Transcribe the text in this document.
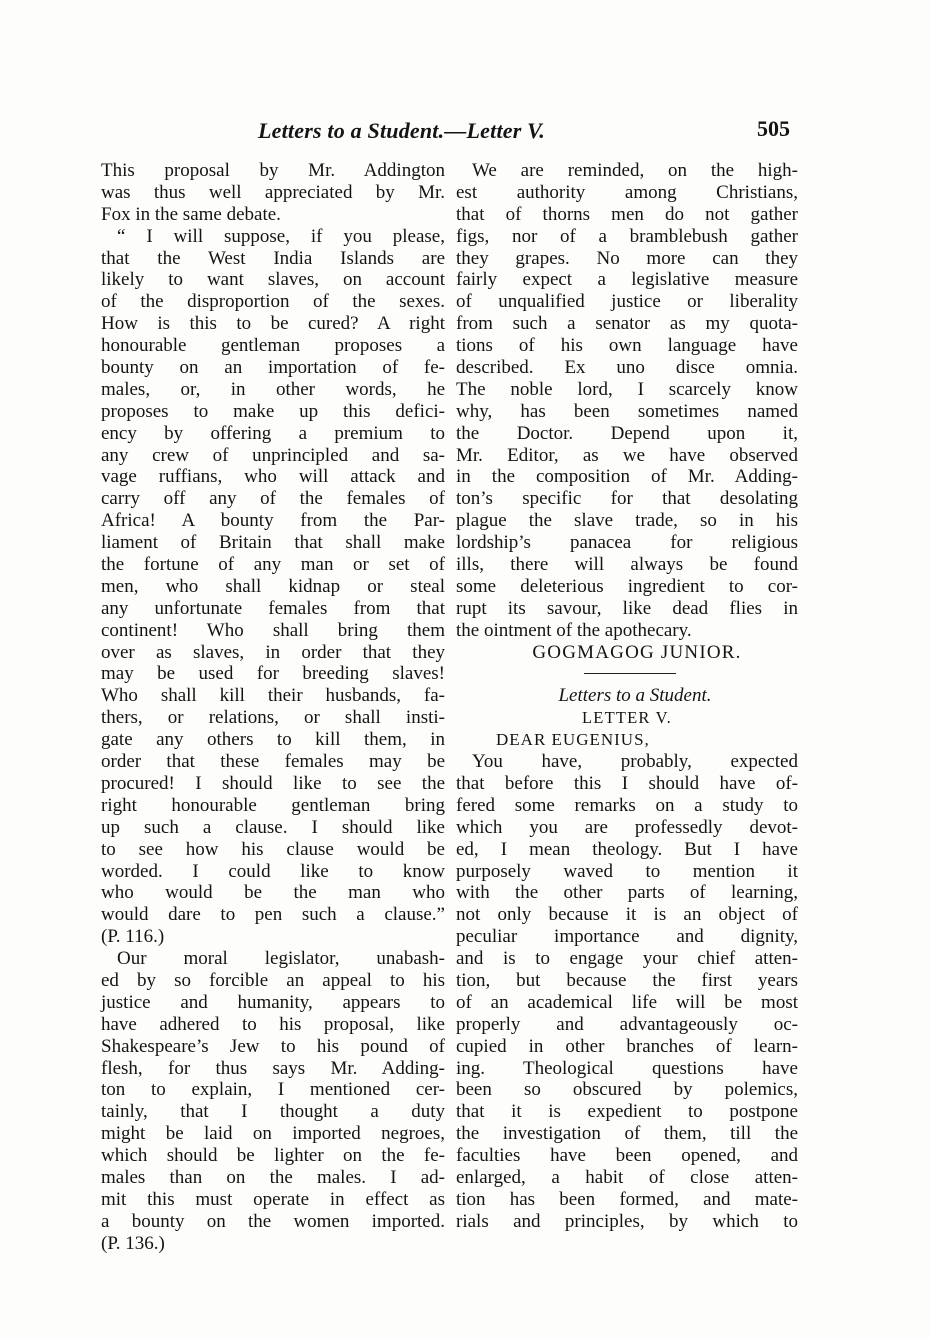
Letters to a Student.—Letter V.	505
This proposal by Mr. Addington
was thus well appreciated by Mr.
Fox in the same debate.
“ I will suppose, if you please,
that the West India Islands are
likely to want slaves, on account
of the disproportion of the sexes.
How is this to be cured? A right
honourable gentleman proposes a
bounty on an importation of fe-
males, or, in other words, he
proposes to make up this defici-
ency by offering a premium to
any crew of unprincipled and sa-
vage ruffians, who will attack and
carry off any of the females of
Africa! A bounty from the Par-
liament of Britain that shall make
the fortune of any man or set of
men, who shall kidnap or steal
any unfortunate females from that
continent! Who shall bring them
over as slaves, in order that they
may be used for breeding slaves!
Who shall kill their husbands, fa-
thers, or relations, or shall insti-
gate any others to kill them, in
order that these females may be
procured! I should like to see the
right honourable gentleman bring
up such a clause. I should like
to see how his clause would be
worded. I could like to know
who would be the man who
would dare to pen such a clause.”
(P. 116.)
Our moral legislator, unabash-
ed by so forcible an appeal to his
justice and humanity, appears to
have adhered to his proposal, like
Shakespeare’s Jew to his pound of
flesh, for thus says Mr. Adding-
ton to explain, I mentioned cer-
tainly, that I thought a duty
might be laid on imported negroes,
which should be lighter on the fe-
males than on the males. I ad-
mit this must operate in effect as
a bounty on the women imported.
(P. 136.)
We are reminded, on the high-
est authority among Christians,
that of thorns men do not gather
figs, nor of a bramblebush gather
they grapes. No more can they
fairly expect a legislative measure
of unqualified justice or liberality
from such a senator as my quota-
tions of his own language have
described. Ex uno disce omnia.
The noble lord, I scarcely know
why, has been sometimes named
the Doctor. Depend upon it,
Mr. Editor, as we have observed
in the composition of Mr. Adding-
ton’s specific for that desolating
plague the slave trade, so in his
lordship’s panacea for religious
ills, there will always be found
some deleterious ingredient to cor-
rupt its savour, like dead flies in
the ointment of the apothecary.
GOGMAGOG JUNIOR.
Letters to a Student.
LETTER V.
DEAR EUGENIUS,
You have, probably, expected
that before this I should have of-
fered some remarks on a study to
which you are professedly devot-
ed, I mean theology. But I have
purposely waved to mention it
with the other parts of learning,
not only because it is an object of
peculiar importance and dignity,
and is to engage your chief atten-
tion, but because the first years
of an academical life will be most
properly and advantageously oc-
cupied in other branches of learn-
ing. Theological questions have
been so obscured by polemics,
that it is expedient to postpone
the investigation of them, till the
faculties have been opened, and
enlarged, a habit of close atten-
tion has been formed, and mate-
rials and principles, by which to
